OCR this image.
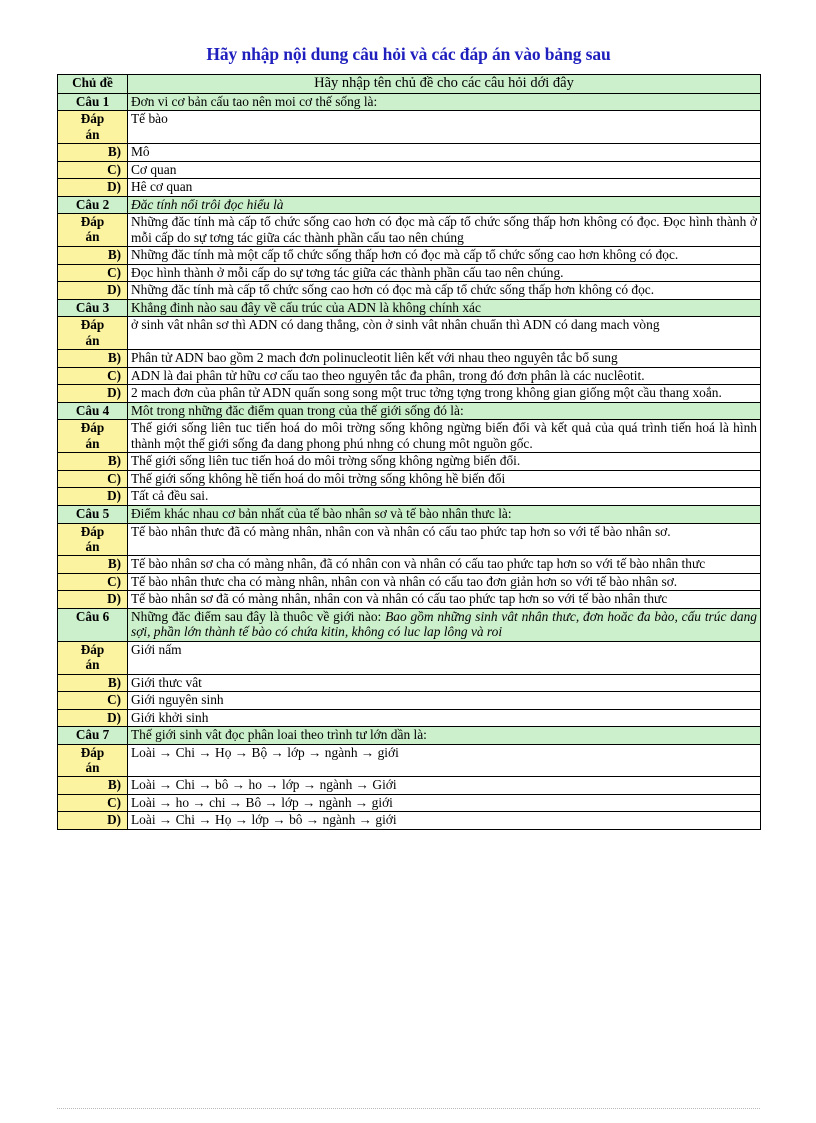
Hãy nhập nội dung câu hỏi và các đáp án vào bảng sau
Chủ đề	Hãy nhập tên chủ đề cho các câu hỏi dới đây
Câu 1	Đơn vi cơ bản cấu tao nên moi cơ thế sống là:

Đáp
án	Tế bào
B)	Mô
C)	Cơ quan
D)	Hê cơ quan
Câu 2	Đăc tính nổi trôi đọc hiểu là

Đáp
án	Những đăc tính mà cấp tổ chức sống cao hơn có đọc mà cấp tổ chức sống thấp hơn không có đọc. Đọc hình thành ở mỗi cấp do sự tơng tác giữa các thành phần cấu tao nên chúng
B)	Những đăc tính mà một cấp tổ chức sống thấp hơn có đọc mà cấp tổ chức sống cao hơn không có đọc.
C)	Đọc hình thành ở mỗi cấp do sự tơng tác giữa các thành phần cấu tao nên chúng.
D)	Những đăc tính mà cấp tổ chức sống cao hơn có đọc mà cấp tổ chức sống thấp hơn không có đọc.
Câu 3	Khẳng đinh nào sau đây về cấu trúc của ADN là không chính xác

Đáp
án	ở sinh vât nhân sơ thì ADN có dang thẳng, còn ở sinh vât nhân chuẩn thì ADN có dang mach vòng
B)	Phân tử ADN bao gồm 2 mach đơn polinucleotit liên kết với nhau theo nguyên tắc bổ sung
C)	ADN là đai phân tử hữu cơ cấu tao theo nguyên tắc đa phân, trong đó đơn phân là các nuclêotit.
D)	2 mach đơn của phân tử ADN quấn song song một truc tởng tợng trong không gian giống một cầu thang xoắn.
Câu 4	Môt trong những đăc điểm quan trong của thế giới sống đó là:

Đáp
án	Thế giới sống liên tuc tiến hoá do môi trờng sống không ngừng biến đổi và kết quả của quá trình tiến hoá là hình thành một thế giới sống đa dang phong phú nhng có chung môt nguồn gốc.
B)	Thế giới sống liên tuc tiến hoá do môi trờng sống không ngừng biến đổi.
C)	Thế giới sống không hề tiến hoá do môi trờng sống không hề biến đổi
D)	Tất cả đều sai.
Câu 5	Điểm khác nhau cơ bản nhất của tế bào nhân sơ và tế bào nhân thưc là:

Đáp
án	Tế bào nhân thưc đã có màng nhân, nhân con và nhân có cấu tao phức tap hơn so với tế bào nhân sơ.
B)	Tế bào nhân sơ cha có màng nhân, đã có nhân con và nhân có cấu tao phức tap hơn so với tế bào nhân thưc
C)	Tế bào nhân thưc cha có màng nhân, nhân con và nhân có cấu tao đơn giản hơn so với tế bào nhân sơ.
D)	Tế bào nhân sơ đã có màng nhân, nhân con và nhân có cấu tao phức tap hơn so với tế bào nhân thưc
Câu 6	Những đăc điểm sau đây là thuôc về giới nào: Bao gồm những sinh vât nhân thưc, đơn hoăc đa bào, cấu trúc dang sợi, phần lớn thành tế bào có chứa kitin, không có luc lap lông và roi

Đáp
án	Giới nấm
B)	Giới thưc vât
C)	Giới nguyên sinh
D)	Giới khởi sinh
Câu 7	Thế giới sinh vât đọc phân loai theo trình tư lớn dần là:

Đáp
án	Loài → Chi → Họ → Bộ → lớp → ngành → giới
B)	Loài → Chi → bô → ho → lớp → ngành → Giới
C)	Loài → ho → chi → Bô → lớp → ngành → giới
D)	Loài → Chi → Họ → lớp → bô → ngành → giới
